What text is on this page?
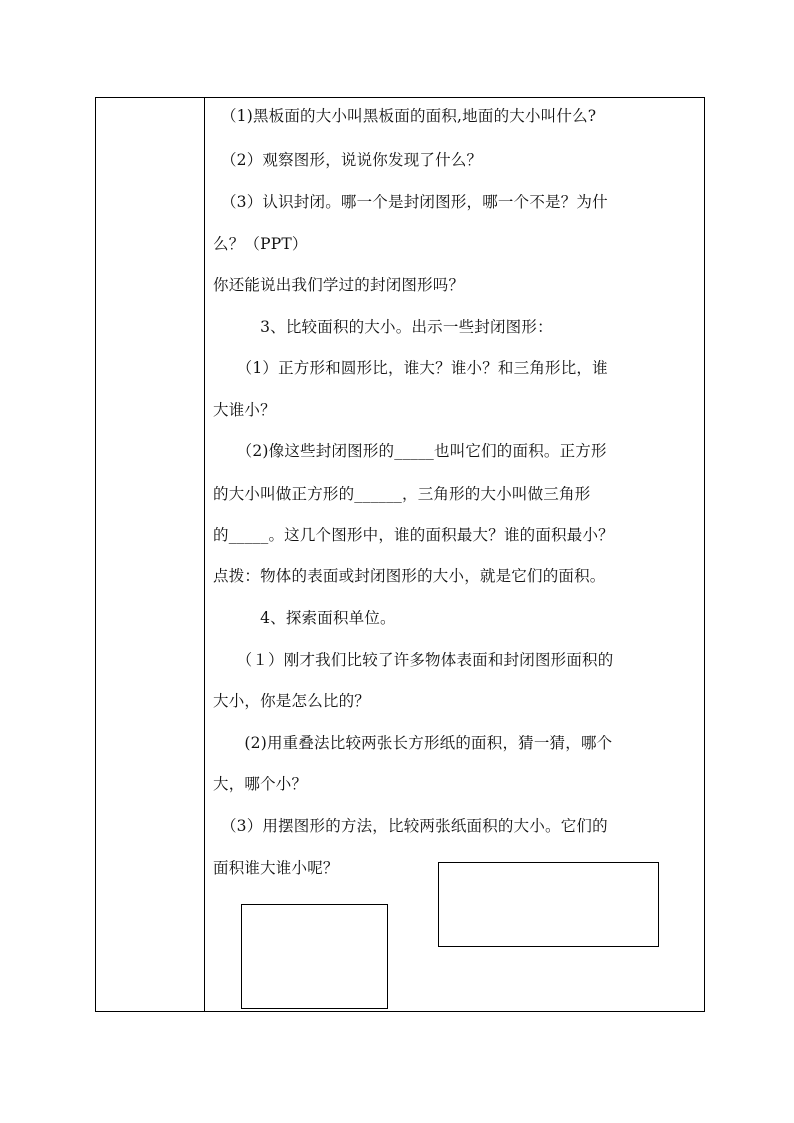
　（1)黑板面的大小叫黑板面的面积,地面的大小叫什么?
　（2）观察图形，说说你发现了什么？
　（3）认识封闭。哪一个是封闭图形，哪一个不是？为什
么？（PPT）
你还能说出我们学过的封闭图形吗？
　　　3、比较面积的大小。出示一些封闭图形：
　　（1）正方形和圆形比，谁大？谁小？和三角形比，谁
大谁小？
　　（2)像这些封闭图形的_____也叫它们的面积。正方形
的大小叫做正方形的______，三角形的大小叫做三角形
的_____。这几个图形中，谁的面积最大？谁的面积最小？
点拨：物体的表面或封闭图形的大小，就是它们的面积。
　　　4、探索面积单位。
　　（１）刚才我们比较了许多物体表面和封闭图形面积的
大小，你是怎么比的？
　　(2)用重叠法比较两张长方形纸的面积，猜一猜，哪个
大，哪个小？
　（3）用摆图形的方法，比较两张纸面积的大小。它们的
面积谁大谁小呢？
